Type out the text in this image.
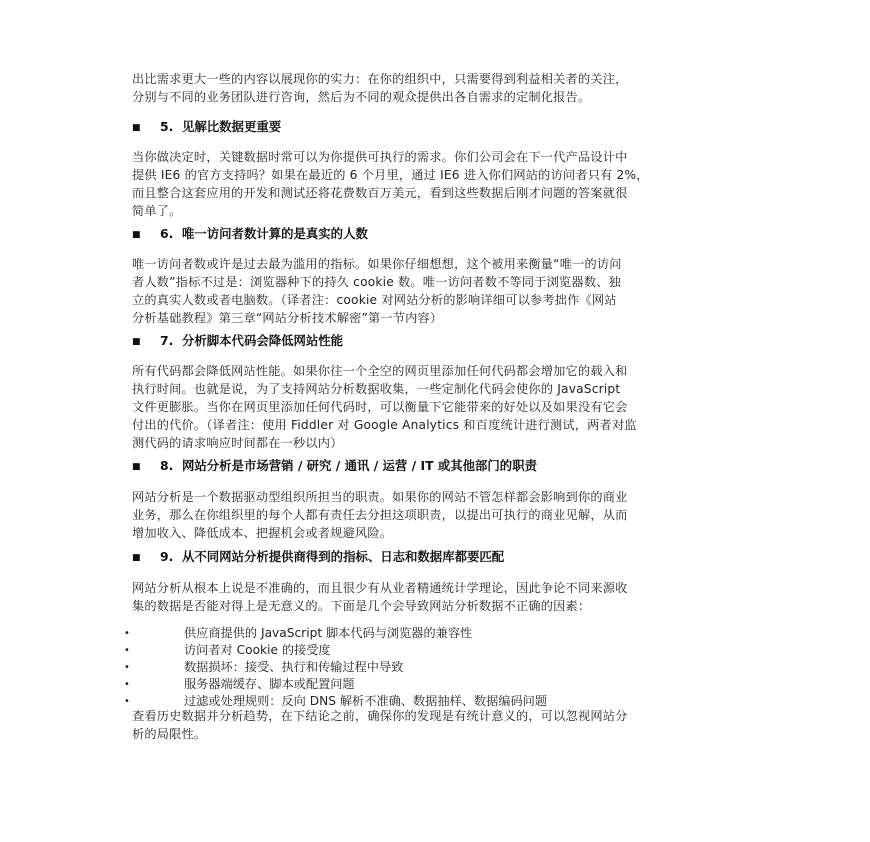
出比需求更大一些的内容以展现你的实力：在你的组织中，只需要得到利益相关者的关注，
分别与不同的业务团队进行咨询，然后为不同的观众提供出各自需求的定制化报告。
■ 5. 见解比数据更重要
当你做决定时，关键数据时常可以为你提供可执行的需求。你们公司会在下一代产品设计中
提供 IE6 的官方支持吗？如果在最近的 6 个月里，通过 IE6 进入你们网站的访问者只有 2%，
而且整合这套应用的开发和测试还将花费数百万美元，看到这些数据后刚才问题的答案就很
简单了。
■ 6. 唯一访问者数计算的是真实的人数
唯一访问者数或许是过去最为滥用的指标。如果你仔细想想，这个被用来衡量“唯一的访问
者人数”指标不过是：浏览器种下的持久 cookie 数。唯一访问者数不等同于浏览器数、独
立的真实人数或者电脑数。（译者注：cookie 对网站分析的影响详细可以参考拙作《网站
分析基础教程》第三章“网站分析技术解密”第一节内容）
■ 7. 分析脚本代码会降低网站性能
所有代码都会降低网站性能。如果你往一个全空的网页里添加任何代码都会增加它的载入和
执行时间。也就是说，为了支持网站分析数据收集，一些定制化代码会使你的 JavaScript
文件更膨胀。当你在网页里添加任何代码时，可以衡量下它能带来的好处以及如果没有它会
付出的代价。（译者注：使用 Fiddler 对 Google Analytics 和百度统计进行测试，两者对监
测代码的请求响应时间都在一秒以内）
■ 8. 网站分析是市场营销 / 研究 / 通讯 / 运营 / IT 或其他部门的职责
网站分析是一个数据驱动型组织所担当的职责。如果你的网站不管怎样都会影响到你的商业
业务，那么在你组织里的每个人都有责任去分担这项职责，以提出可执行的商业见解，从而
增加收入、降低成本、把握机会或者规避风险。
■ 9. 从不同网站分析提供商得到的指标、日志和数据库都要匹配
网站分析从根本上说是不准确的，而且很少有从业者精通统计学理论，因此争论不同来源收
集的数据是否能对得上是无意义的。下面是几个会导致网站分析数据不正确的因素：
•	供应商提供的 JavaScript 脚本代码与浏览器的兼容性
•	访问者对 Cookie 的接受度
•	数据损坏：接受、执行和传输过程中导致
•	服务器端缓存、脚本或配置问题
•	过滤或处理规则：反向 DNS 解析不准确、数据抽样、数据编码问题
查看历史数据并分析趋势，在下结论之前，确保你的发现是有统计意义的，可以忽视网站分
析的局限性。
